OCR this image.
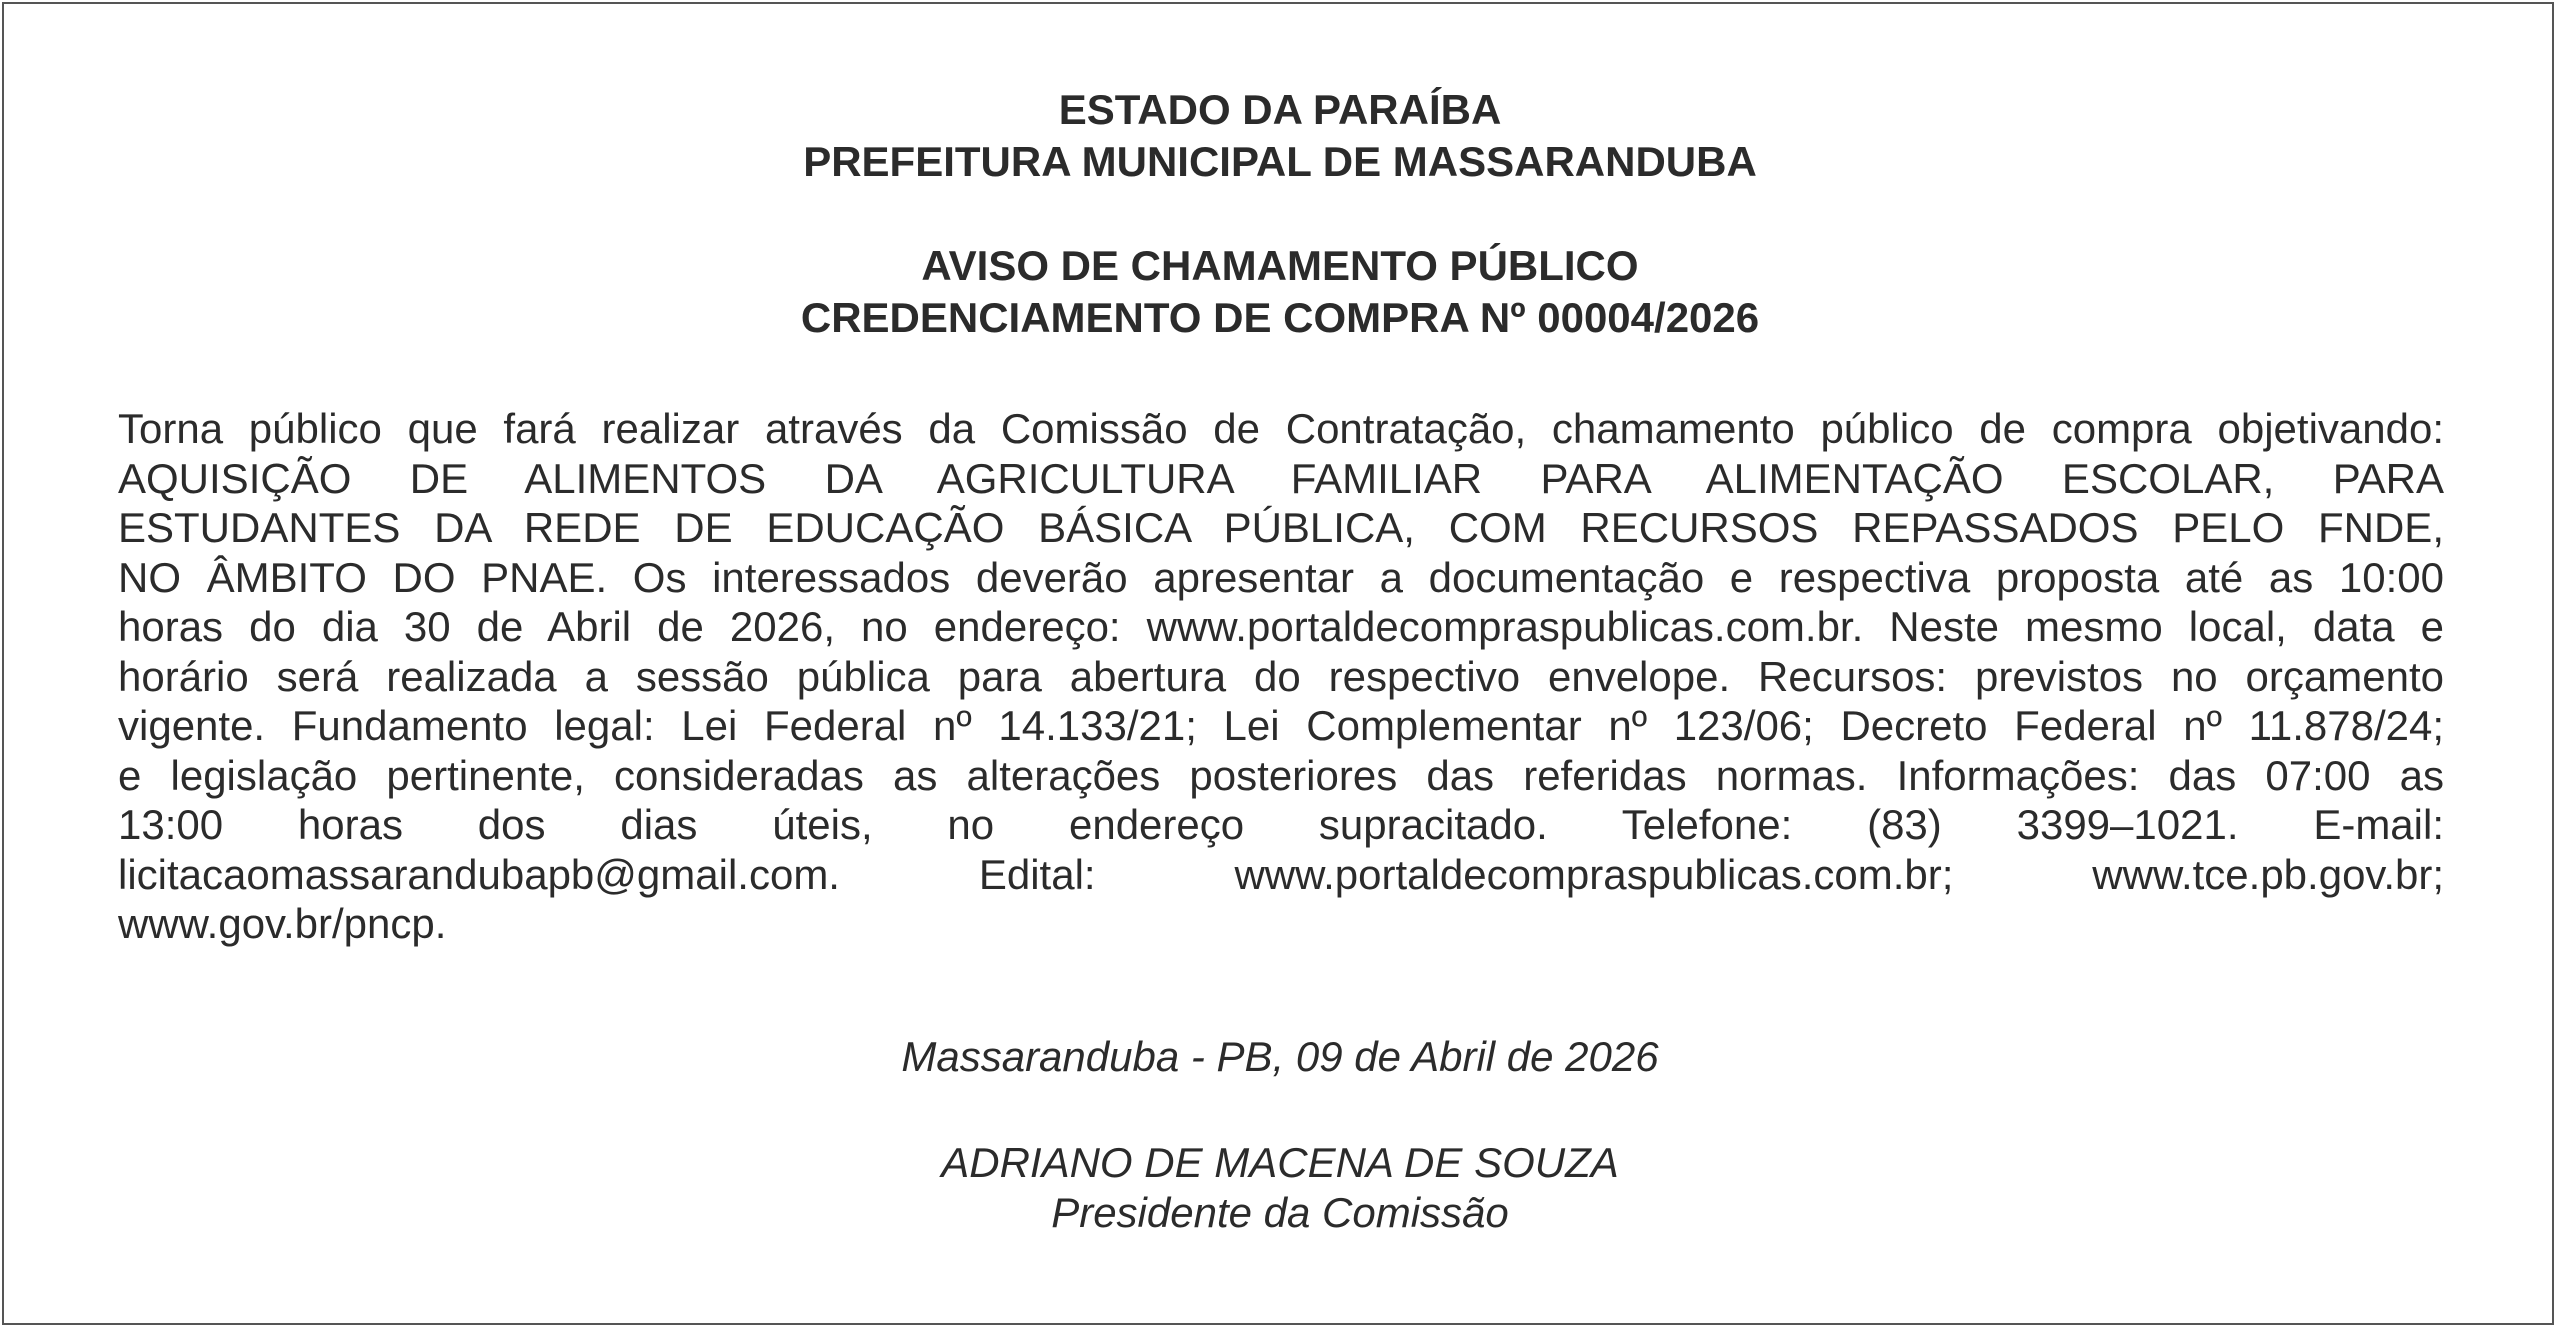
ESTADO DA PARAÍBA
PREFEITURA MUNICIPAL DE MASSARANDUBA
AVISO DE CHAMAMENTO PÚBLICO
CREDENCIAMENTO DE COMPRA Nº 00004/2026
Torna público que fará realizar através da Comissão de Contratação, chamamento público de compra objetivando:
AQUISIÇÃO DE ALIMENTOS DA AGRICULTURA FAMILIAR PARA ALIMENTAÇÃO ESCOLAR, PARA
ESTUDANTES DA REDE DE EDUCAÇÃO BÁSICA PÚBLICA, COM RECURSOS REPASSADOS PELO FNDE,
NO ÂMBITO DO PNAE. Os interessados deverão apresentar a documentação e respectiva proposta até as 10:00
horas do dia 30 de Abril de 2026, no endereço: www.portaldecompraspublicas.com.br. Neste mesmo local, data e
horário será realizada a sessão pública para abertura do respectivo envelope. Recursos: previstos no orçamento
vigente. Fundamento legal: Lei Federal nº 14.133/21; Lei Complementar nº 123/06; Decreto Federal nº 11.878/24;
e legislação pertinente, consideradas as alterações posteriores das referidas normas. Informações: das 07:00 as
13:00 horas dos dias úteis, no endereço supracitado. Telefone: (83) 3399–1021. E-mail:
licitacaomassarandubapb@gmail.com. Edital: www.portaldecompraspublicas.com.br; www.tce.pb.gov.br;
www.gov.br/pncp.
Massaranduba - PB, 09 de Abril de 2026
ADRIANO DE MACENA DE SOUZA
Presidente da Comissão
